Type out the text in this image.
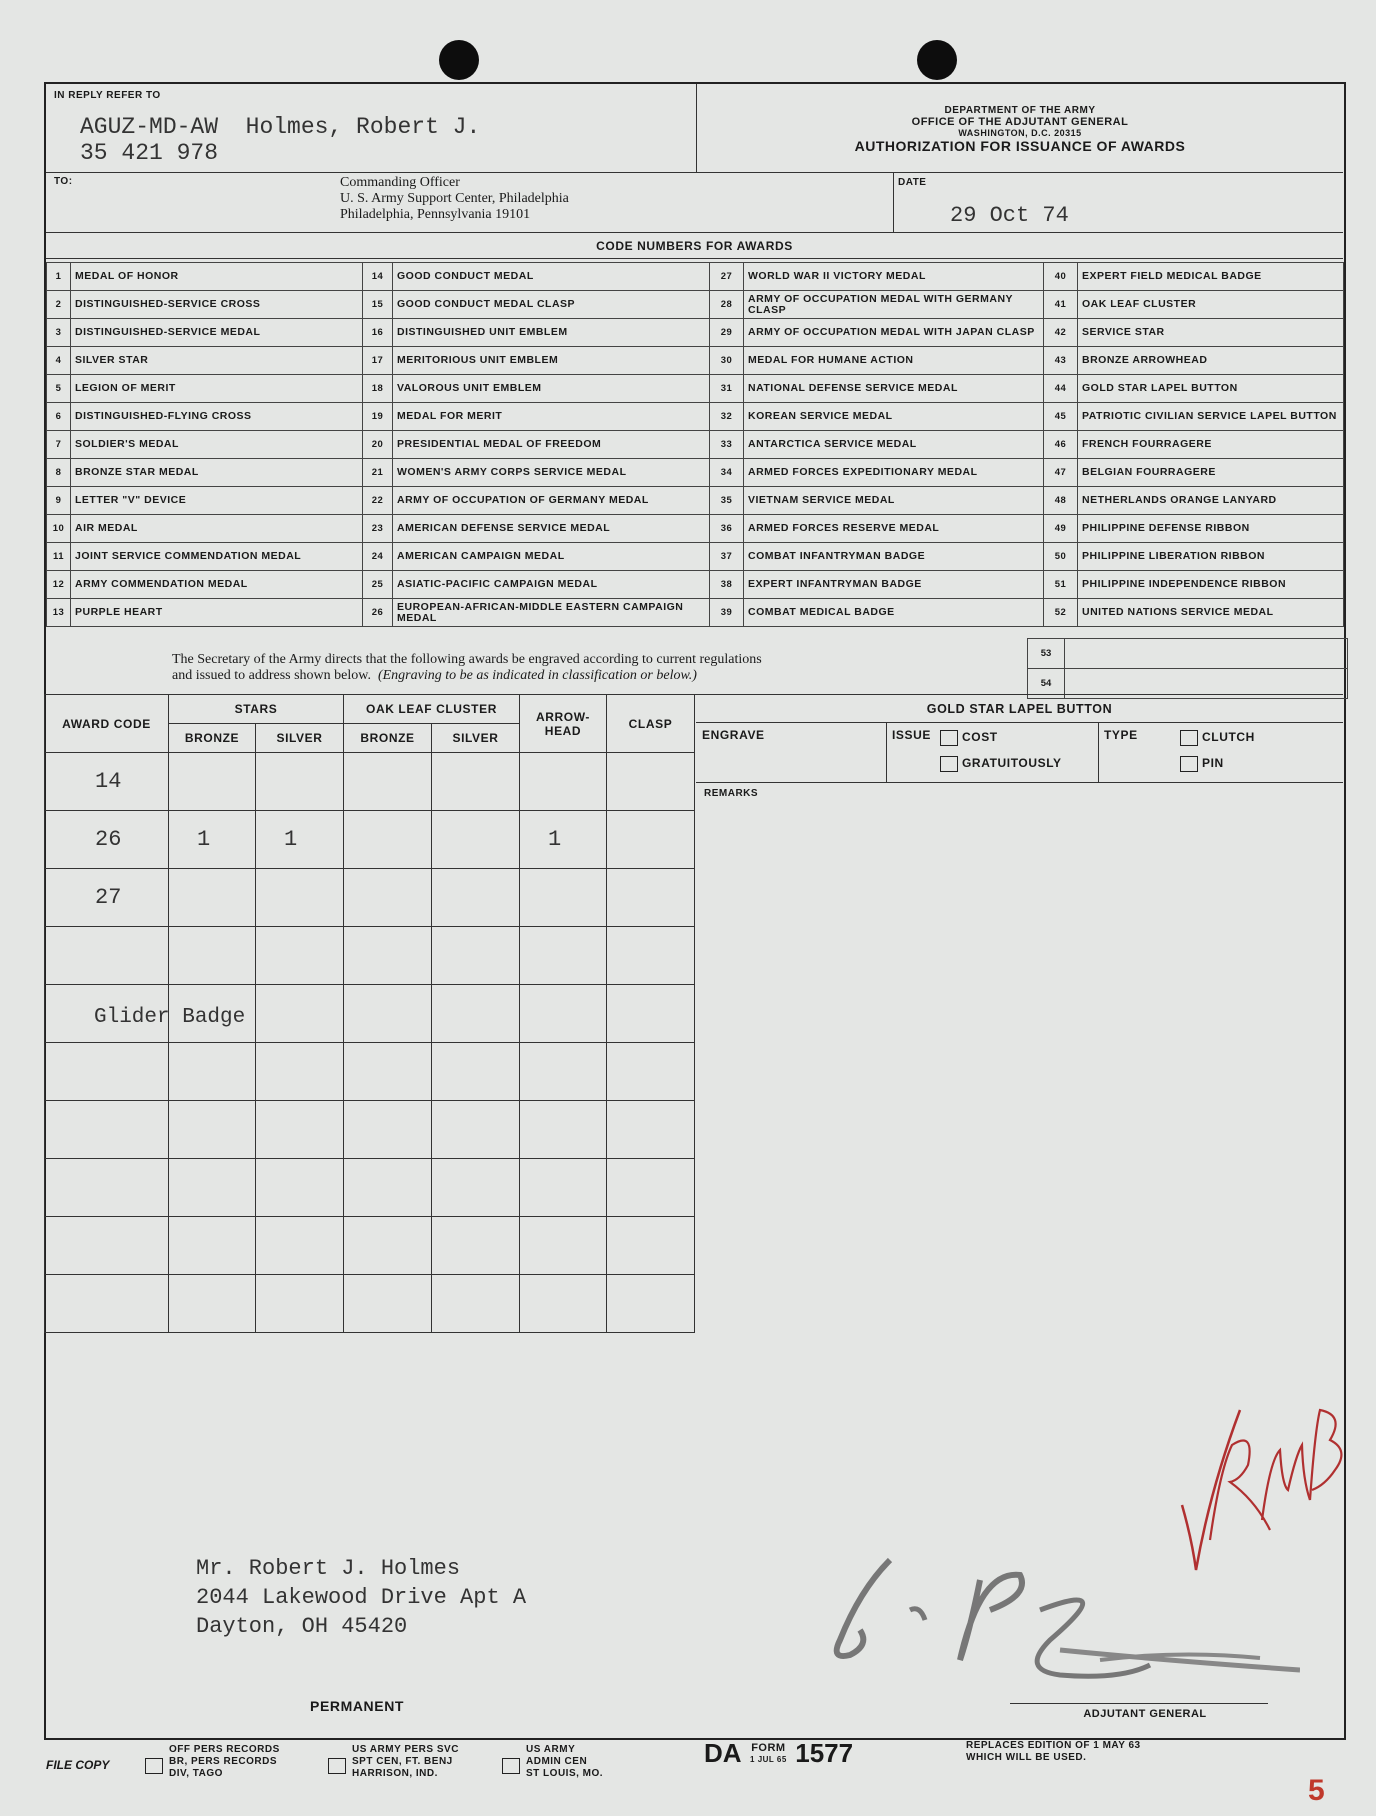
IN REPLY REFER TO
AGUZ-MD-AW Holmes, Robert J.
35 421 978
DEPARTMENT OF THE ARMY
OFFICE OF THE ADJUTANT GENERAL
WASHINGTON, D.C. 20315
AUTHORIZATION FOR ISSUANCE OF AWARDS
TO:	Commanding Officer
U. S. Army Support Center, Philadelphia
Philadelphia, Pennsylvania 19101
DATE
29 Oct 74
CODE NUMBERS FOR AWARDS
1	MEDAL OF HONOR	14	GOOD CONDUCT MEDAL	27	WORLD WAR II VICTORY MEDAL	40	EXPERT FIELD MEDICAL BADGE
2	DISTINGUISHED-SERVICE CROSS	15	GOOD CONDUCT MEDAL CLASP	28	ARMY OF OCCUPATION MEDAL WITH GERMANY CLASP	41	OAK LEAF CLUSTER
3	DISTINGUISHED-SERVICE MEDAL	16	DISTINGUISHED UNIT EMBLEM	29	ARMY OF OCCUPATION MEDAL WITH JAPAN CLASP	42	SERVICE STAR
4	SILVER STAR	17	MERITORIOUS UNIT EMBLEM	30	MEDAL FOR HUMANE ACTION	43	BRONZE ARROWHEAD
5	LEGION OF MERIT	18	VALOROUS UNIT EMBLEM	31	NATIONAL DEFENSE SERVICE MEDAL	44	GOLD STAR LAPEL BUTTON
6	DISTINGUISHED-FLYING CROSS	19	MEDAL FOR MERIT	32	KOREAN SERVICE MEDAL	45	PATRIOTIC CIVILIAN SERVICE LAPEL BUTTON
7	SOLDIER'S MEDAL	20	PRESIDENTIAL MEDAL OF FREEDOM	33	ANTARCTICA SERVICE MEDAL	46	FRENCH FOURRAGERE
8	BRONZE STAR MEDAL	21	WOMEN'S ARMY CORPS SERVICE MEDAL	34	ARMED FORCES EXPEDITIONARY MEDAL	47	BELGIAN FOURRAGERE
9	LETTER "V" DEVICE	22	ARMY OF OCCUPATION OF GERMANY MEDAL	35	VIETNAM SERVICE MEDAL	48	NETHERLANDS ORANGE LANYARD
10	AIR MEDAL	23	AMERICAN DEFENSE SERVICE MEDAL	36	ARMED FORCES RESERVE MEDAL	49	PHILIPPINE DEFENSE RIBBON
11	JOINT SERVICE COMMENDATION MEDAL	24	AMERICAN CAMPAIGN MEDAL	37	COMBAT INFANTRYMAN BADGE	50	PHILIPPINE LIBERATION RIBBON
12	ARMY COMMENDATION MEDAL	25	ASIATIC-PACIFIC CAMPAIGN MEDAL	38	EXPERT INFANTRYMAN BADGE	51	PHILIPPINE INDEPENDENCE RIBBON
13	PURPLE HEART	26	EUROPEAN-AFRICAN-MIDDLE EASTERN CAMPAIGN MEDAL	39	COMBAT MEDICAL BADGE	52	UNITED NATIONS SERVICE MEDAL
The Secretary of the Army directs that the following awards be engraved according to current regulations
and issued to address shown below. (Engraving to be as indicated in classification or below.)
53	
54	
AWARD CODE	STARS		OAK LEAF CLUSTER		ARROW-
HEAD	CLASP
	BRONZE	SILVER	BRONZE	SILVER		
14						
26	1	1			1	
27						

Glider Badge
GOLD STAR LAPEL BUTTON
ENGRAVE	ISSUE	COST
GRATUITOUSLY
TYPE	CLUTCH
PIN
REMARKS
RMB
Mr. Robert J. Holmes
2044 Lakewood Drive Apt A
Dayton, OH 45420
PERMANENT	ADJUTANT GENERAL
FILE COPY
OFF PERS RECORDS
BR, PERS RECORDS
DIV, TAGO
US ARMY PERS SVC
SPT CEN, FT. BENJ
HARRISON, IND.
US ARMY
ADMIN CEN
ST LOUIS, MO.
DA FORM
1 JUL 65 1577	REPLACES EDITION OF 1 MAY 63
WHICH WILL BE USED.
5
